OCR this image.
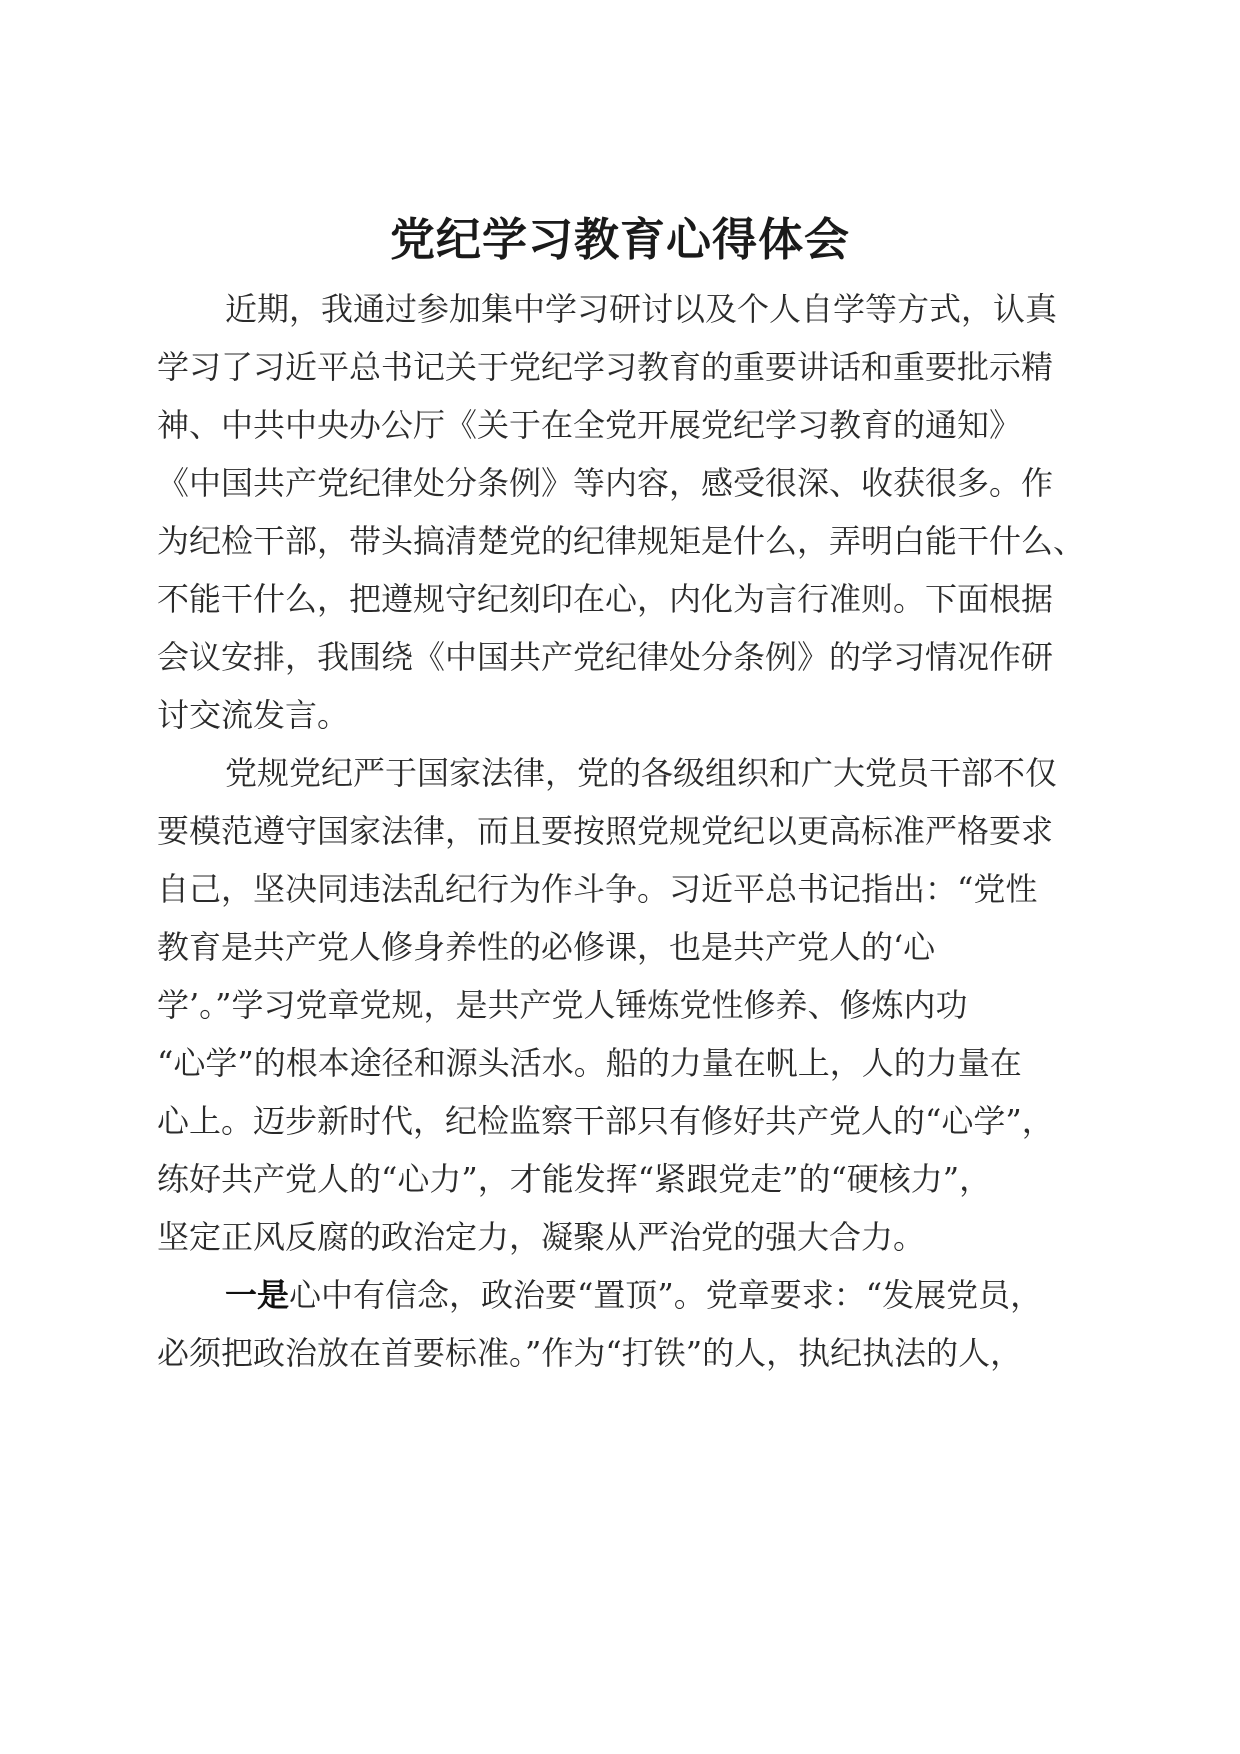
党纪学习教育心得体会
近期，我通过参加集中学习研讨以及个人自学等方式，认真
学习了习近平总书记关于党纪学习教育的重要讲话和重要批示精
神、中共中央办公厅《关于在全党开展党纪学习教育的通知》
《中国共产党纪律处分条例》等内容，感受很深、收获很多。作
为纪检干部，带头搞清楚党的纪律规矩是什么，弄明白能干什么、
不能干什么，把遵规守纪刻印在心，内化为言行准则。下面根据
会议安排，我围绕《中国共产党纪律处分条例》的学习情况作研
讨交流发言。
党规党纪严于国家法律，党的各级组织和广大党员干部不仅
要模范遵守国家法律，而且要按照党规党纪以更高标准严格要求
自己，坚决同违法乱纪行为作斗争。习近平总书记指出：“党性
教育是共产党人修身养性的必修课，也是共产党人的‘心
学’。”学习党章党规，是共产党人锤炼党性修养、修炼内功
“心学”的根本途径和源头活水。船的力量在帆上，人的力量在
心上。迈步新时代，纪检监察干部只有修好共产党人的“心学”，
练好共产党人的“心力”，才能发挥“紧跟党走”的“硬核力”，
坚定正风反腐的政治定力，凝聚从严治党的强大合力。
一是心中有信念，政治要“置顶”。党章要求：“发展党员，
必须把政治放在首要标准。”作为“打铁”的人，执纪执法的人，
